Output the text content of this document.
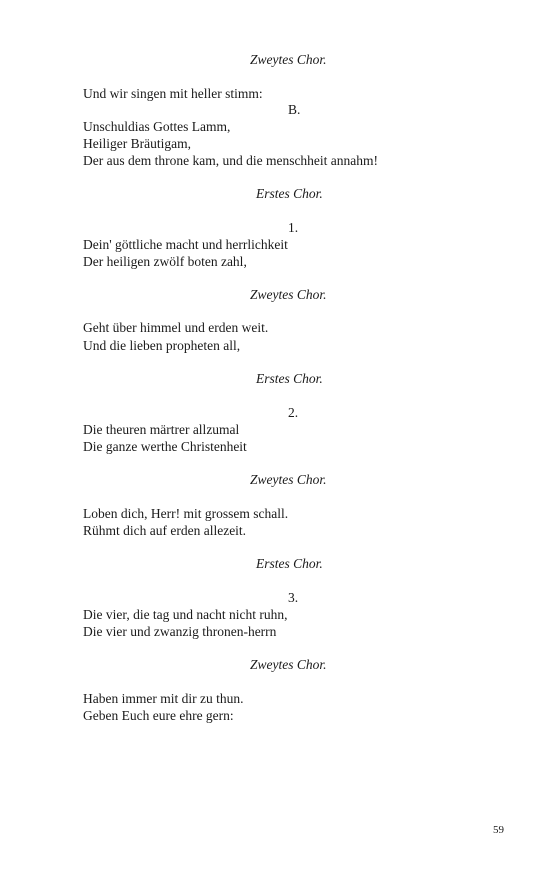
Zweytes Chor.
Und wir singen mit heller stimm:
B.
Unschuldias Gottes Lamm,
Heiliger Bräutigam,
Der aus dem throne kam, und die menschheit annahm!
Erstes Chor.
1.
Dein' göttliche macht und herrlichkeit
Der heiligen zwölf boten zahl,
Zweytes Chor.
Geht über himmel und erden weit.
Und die lieben propheten all,
Erstes Chor.
2.
Die theuren märtrer allzumal
Die ganze werthe Christenheit
Zweytes Chor.
Loben dich, Herr! mit grossem schall.
Rühmt dich auf erden allezeit.
Erstes Chor.
3.
Die vier, die tag und nacht nicht ruhn,
Die vier und zwanzig thronen-herrn
Zweytes Chor.
Haben immer mit dir zu thun.
Geben Euch eure ehre gern:
59
